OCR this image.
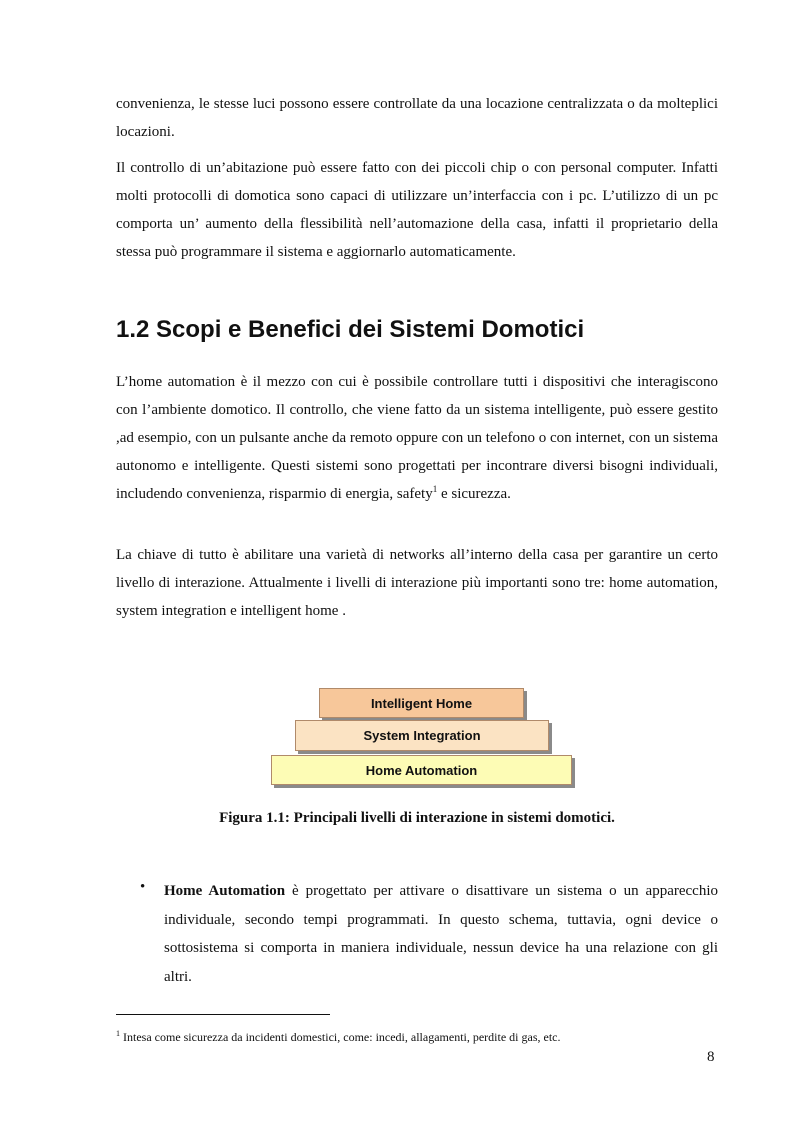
convenienza, le stesse luci possono essere controllate da una locazione centralizzata o da molteplici locazioni.

Il controllo di un’abitazione può essere fatto con dei piccoli chip o con personal computer. Infatti molti protocolli di domotica sono capaci di utilizzare un’interfaccia con i pc. L’utilizzo di un pc comporta un’ aumento della flessibilità nell’automazione della casa, infatti il proprietario della stessa può programmare il sistema e aggiornarlo automaticamente.

1.2 Scopi e Benefici dei Sistemi Domotici

L’home automation è il mezzo con cui è possibile controllare tutti i dispositivi che interagiscono con l’ambiente domotico. Il controllo, che viene fatto da un sistema intelligente, può essere gestito ,ad esempio, con un pulsante anche da remoto oppure con un telefono o con internet, con un sistema autonomo e intelligente. Questi sistemi sono progettati per incontrare diversi bisogni individuali, includendo convenienza, risparmio di energia, safety$^1$ e sicurezza.

La chiave di tutto è abilitare una varietà di networks all’interno della casa per garantire un certo livello di interazione. Attualmente i livelli di interazione più importanti sono tre: home automation, system integration e intelligent home .

Intelligent Home
System Integration
Home Automation

Figura 1.1: Principali livelli di interazione in sistemi domotici.

• Home Automation è progettato per attivare o disattivare un sistema o un apparecchio individuale, secondo tempi programmati. In questo schema, tuttavia, ogni device o sottosistema si comporta in maniera individuale, nessun device ha una relazione con gli altri.

$^1$ Intesa come sicurezza da incidenti domestici, come: incedi, allagamenti, perdite di gas, etc.

8
